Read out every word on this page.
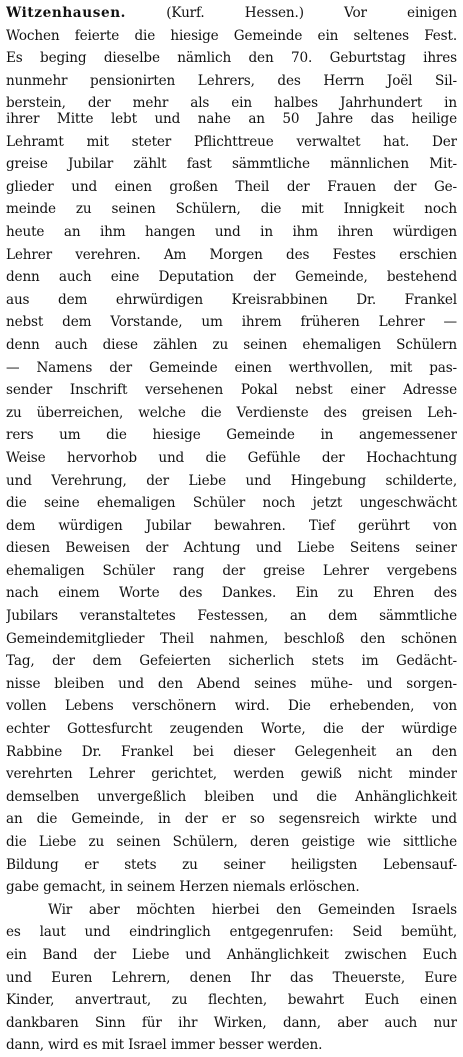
Witzenhausen. (Kurf. Hessen.) Vor einigen
Wochen feierte die hiesige Gemeinde ein seltenes Fest.
Es beging dieselbe nämlich den 70. Geburtstag ihres
nunmehr pensionirten Lehrers, des Herrn Joël Sil-
berstein, der mehr als ein halbes Jahrhundert in
ihrer Mitte lebt und nahe an 50 Jahre das heilige
Lehramt mit steter Pflichttreue verwaltet hat. Der
greise Jubilar zählt fast sämmtliche männlichen Mit-
glieder und einen großen Theil der Frauen der Ge-
meinde zu seinen Schülern, die mit Innigkeit noch
heute an ihm hangen und in ihm ihren würdigen
Lehrer verehren. Am Morgen des Festes erschien
denn auch eine Deputation der Gemeinde, bestehend
aus dem ehrwürdigen Kreisrabbinen Dr. Frankel
nebst dem Vorstande, um ihrem früheren Lehrer —
denn auch diese zählen zu seinen ehemaligen Schülern
— Namens der Gemeinde einen werthvollen, mit pas-
sender Inschrift versehenen Pokal nebst einer Adresse
zu überreichen, welche die Verdienste des greisen Leh-
rers um die hiesige Gemeinde in angemessener
Weise hervorhob und die Gefühle der Hochachtung
und Verehrung, der Liebe und Hingebung schilderte,
die seine ehemaligen Schüler noch jetzt ungeschwächt
dem würdigen Jubilar bewahren. Tief gerührt von
diesen Beweisen der Achtung und Liebe Seitens seiner
ehemaligen Schüler rang der greise Lehrer vergebens
nach einem Worte des Dankes. Ein zu Ehren des
Jubilars veranstaltetes Festessen, an dem sämmtliche
Gemeindemitglieder Theil nahmen, beschloß den schönen
Tag, der dem Gefeierten sicherlich stets im Gedächt-
nisse bleiben und den Abend seines mühe- und sorgen-
vollen Lebens verschönern wird. Die erhebenden, von
echter Gottesfurcht zeugenden Worte, die der würdige
Rabbine Dr. Frankel bei dieser Gelegenheit an den
verehrten Lehrer gerichtet, werden gewiß nicht minder
demselben unvergeßlich bleiben und die Anhänglichkeit
an die Gemeinde, in der er so segensreich wirkte und
die Liebe zu seinen Schülern, deren geistige wie sittliche
Bildung er stets zu seiner heiligsten Lebensauf-
gabe gemacht, in seinem Herzen niemals erlöschen.
Wir aber möchten hierbei den Gemeinden Israels
es laut und eindringlich entgegenrufen: Seid bemüht,
ein Band der Liebe und Anhänglichkeit zwischen Euch
und Euren Lehrern, denen Ihr das Theuerste, Eure
Kinder, anvertraut, zu flechten, bewahrt Euch einen
dankbaren Sinn für ihr Wirken, dann, aber auch nur
dann, wird es mit Israel immer besser werden.
